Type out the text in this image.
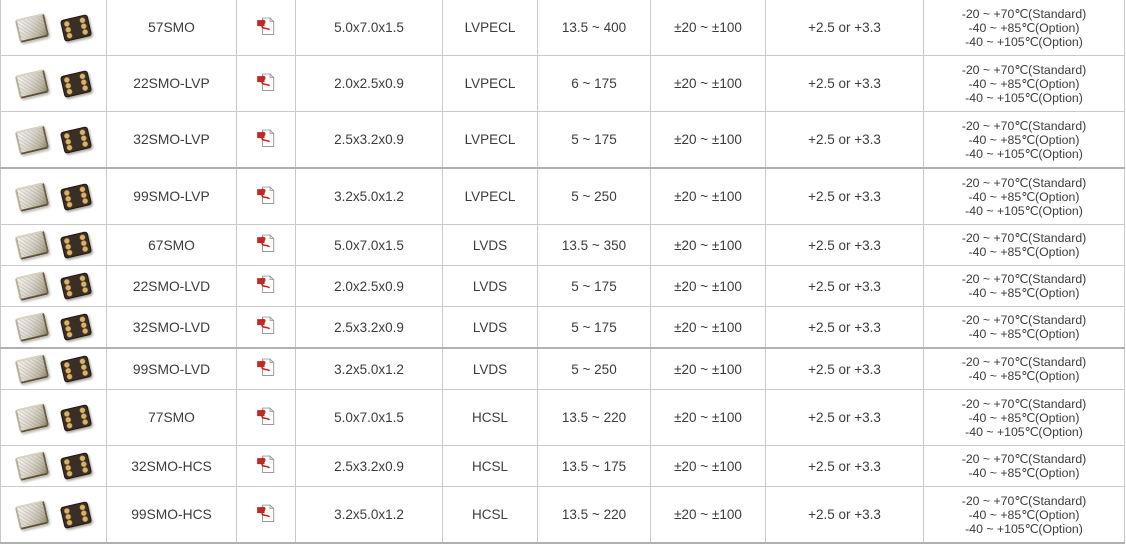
	57SMO		5.0x7.0x1.5	LVPECL	13.5 ~ 400	±20 ~ ±100	+2.5 or +3.3	-20 ~ +70℃(Standard)
-40 ~ +85℃(Option)
-40 ~ +105℃(Option)

	22SMO-LVP		2.0x2.5x0.9	LVPECL	6 ~ 175	±20 ~ ±100	+2.5 or +3.3	-20 ~ +70℃(Standard)
-40 ~ +85℃(Option)
-40 ~ +105℃(Option)

	32SMO-LVP		2.5x3.2x0.9	LVPECL	5 ~ 175	±20 ~ ±100	+2.5 or +3.3	-20 ~ +70℃(Standard)
-40 ~ +85℃(Option)
-40 ~ +105℃(Option)

	99SMO-LVP		3.2x5.0x1.2	LVPECL	5 ~ 250	±20 ~ ±100	+2.5 or +3.3	-20 ~ +70℃(Standard)
-40 ~ +85℃(Option)
-40 ~ +105℃(Option)

	67SMO		5.0x7.0x1.5	LVDS	13.5 ~ 350	±20 ~ ±100	+2.5 or +3.3	-20 ~ +70℃(Standard)
-40 ~ +85℃(Option)

	22SMO-LVD		2.0x2.5x0.9	LVDS	5 ~ 175	±20 ~ ±100	+2.5 or +3.3	-20 ~ +70℃(Standard)
-40 ~ +85℃(Option)

	32SMO-LVD		2.5x3.2x0.9	LVDS	5 ~ 175	±20 ~ ±100	+2.5 or +3.3	-20 ~ +70℃(Standard)
-40 ~ +85℃(Option)

	99SMO-LVD		3.2x5.0x1.2	LVDS	5 ~ 250	±20 ~ ±100	+2.5 or +3.3	-20 ~ +70℃(Standard)
-40 ~ +85℃(Option)

	77SMO		5.0x7.0x1.5	HCSL	13.5 ~ 220	±20 ~ ±100	+2.5 or +3.3	-20 ~ +70℃(Standard)
-40 ~ +85℃(Option)
-40 ~ +105℃(Option)

	32SMO-HCS		2.5x3.2x0.9	HCSL	13.5 ~ 175	±20 ~ ±100	+2.5 or +3.3	-20 ~ +70℃(Standard)
-40 ~ +85℃(Option)

	99SMO-HCS		3.2x5.0x1.2	HCSL	13.5 ~ 220	±20 ~ ±100	+2.5 or +3.3	-20 ~ +70℃(Standard)
-40 ~ +85℃(Option)
-40 ~ +105℃(Option)
